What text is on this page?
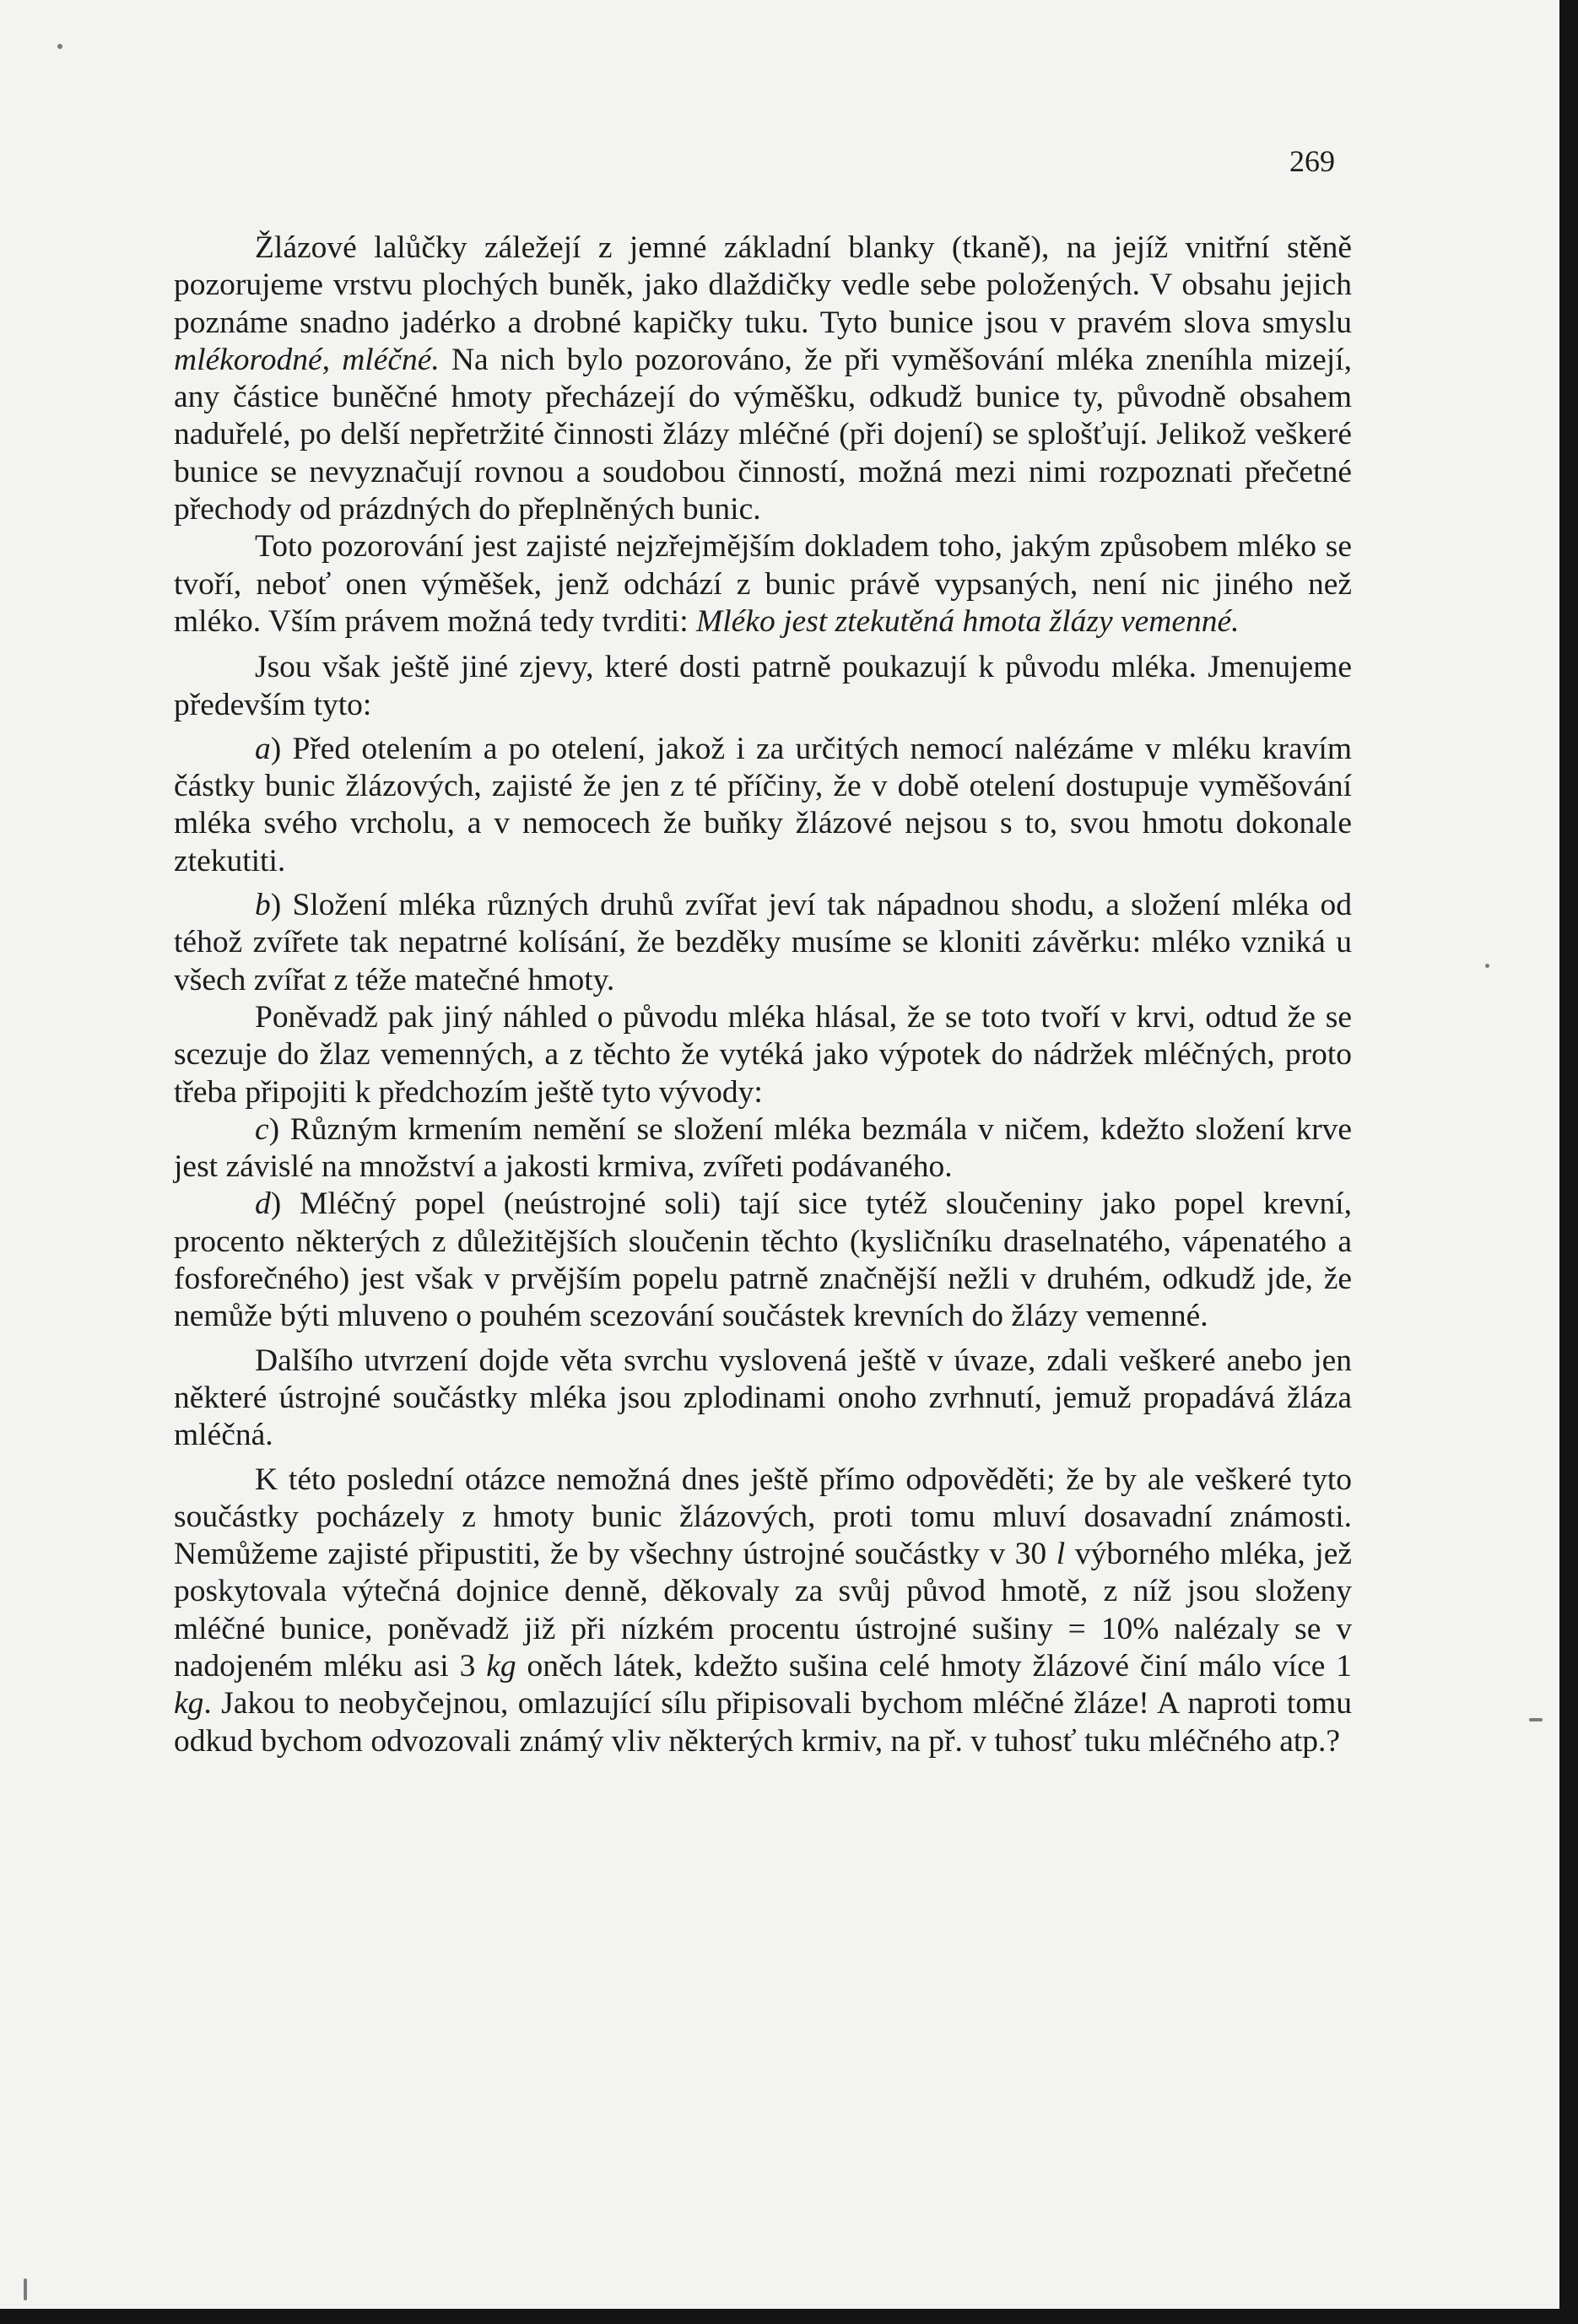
269

Žlázové lalůčky záležejí z jemné základní blanky (tkaně), na jejíž vnitřní stěně pozorujeme vrstvu plochých buněk, jako dlaždičky vedle sebe položených. V obsahu jejich poznáme snadno jadérko a drobné kapičky tuku. Tyto bunice jsou v pravém slova smyslu mlékorodné, mléčné. Na nich bylo pozorováno, že při vyměšování mléka zneníhla mizejí, any částice buněčné hmoty přecházejí do výměšku, odkudž bunice ty, původně obsahem naduřelé, po delší nepřetržité činnosti žlázy mléčné (při dojení) se splošťují. Jelikož veškeré bunice se nevyznačují rovnou a soudobou činností, možná mezi nimi rozpoznati přečetné přechody od prázdných do přeplněných bunic.

Toto pozorování jest zajisté nejzřejmějším dokladem toho, jakým způsobem mléko se tvoří, neboť onen výměšek, jenž odchází z bunic právě vypsaných, není nic jiného než mléko. Vším právem možná tedy tvrditi: Mléko jest ztekutěná hmota žlázy vemenné.

Jsou však ještě jiné zjevy, které dosti patrně poukazují k původu mléka. Jmenujeme především tyto:

a) Před otelením a po otelení, jakož i za určitých nemocí nalézáme v mléku kravím částky bunic žlázových, zajisté že jen z té příčiny, že v době otelení dostupuje vyměšování mléka svého vrcholu, a v nemocech že buňky žlázové nejsou s to, svou hmotu dokonale ztekutiti.

b) Složení mléka různých druhů zvířat jeví tak nápadnou shodu, a složení mléka od téhož zvířete tak nepatrné kolísání, že bezděky musíme se kloniti závěrku: mléko vzniká u všech zvířat z téže matečné hmoty.

Poněvadž pak jiný náhled o původu mléka hlásal, že se toto tvoří v krvi, odtud že se scezuje do žlaz vemenných, a z těchto že vytéká jako výpotek do nádržek mléčných, proto třeba připojiti k předchozím ještě tyto vývody:

c) Různým krmením nemění se složení mléka bezmála v ničem, kdežto složení krve jest závislé na množství a jakosti krmiva, zvířeti podávaného.

d) Mléčný popel (neústrojné soli) tají sice tytéž sloučeniny jako popel krevní, procento některých z důležitějších sloučenin těchto (kysličníku draselnatého, vápenatého a fosforečného) jest však v prvějším popelu patrně značnější nežli v druhém, odkudž jde, že nemůže býti mluveno o pouhém scezování součástek krevních do žlázy vemenné.

Dalšího utvrzení dojde věta svrchu vyslovená ještě v úvaze, zdali veškeré anebo jen některé ústrojné součástky mléka jsou zplodinami onoho zvrhnutí, jemuž propadává žláza mléčná.

K této poslední otázce nemožná dnes ještě přímo odpověděti; že by ale veškeré tyto součástky pocházely z hmoty bunic žlázových, proti tomu mluví dosavadní známosti. Nemůžeme zajisté připustiti, že by všechny ústrojné součástky v 30 l výborného mléka, jež poskytovala výtečná dojnice denně, děkovaly za svůj původ hmotě, z níž jsou složeny mléčné bunice, poněvadž již při nízkém procentu ústrojné sušiny = 10% nalézaly se v nadojeném mléku asi 3 kg oněch látek, kdežto sušina celé hmoty žlázové činí málo více 1 kg. Jakou to neobyčejnou, omlazující sílu připisovali bychom mléčné žláze! A naproti tomu odkud bychom odvozovali známý vliv některých krmiv, na př. v tuhosť tuku mléčného atp.?
